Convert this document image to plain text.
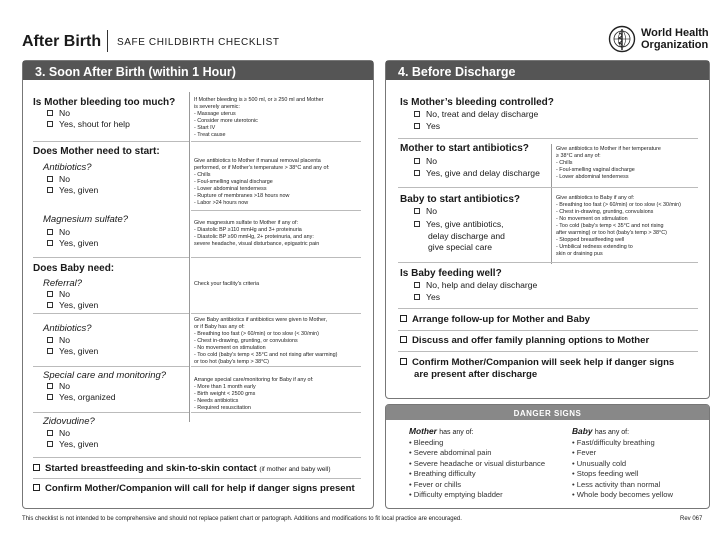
After Birth SAFE CHILDBIRTH CHECKLIST
World Health
Organization
3. Soon After Birth (within 1 Hour)
Is Mother bleeding too much?
No
Yes, shout for help
If Mother bleeding is ≥ 500 ml, or ≥ 250 ml and Mother
is severely anemic:
- Massage uterus
- Consider more uterotonic
- Start IV
- Treat cause
Does Mother need to start:
Antibiotics?
No
Yes, given
Give antibiotics to Mother if manual removal placenta
performed, or if Mother's temperature > 38°C and any of:
- Chills
- Foul-smelling vaginal discharge
- Lower abdominal tenderness
- Rupture of membranes >18 hours now
- Labor >24 hours now
Magnesium sulfate?
No
Yes, given
Give magnesium sulfate to Mother if any of:
- Diastolic BP ≥110 mmHg and 3+ proteinuria
- Diastolic BP ≥90 mmHg, 2+ proteinuria, and any:
severe headache, visual disturbance, epigastric pain
Does Baby need:
Referral?
No
Yes, given
Check your facility's criteria
Antibiotics?
No
Yes, given
Give Baby antibiotics if antibiotics were given to Mother,
or if Baby has any of:
- Breathing too fast (> 60/min) or too slow (< 30/min)
- Chest in-drawing, grunting, or convulsions
- No movement on stimulation
- Too cold (baby's temp < 35°C and not rising after warming)
or too hot (baby's temp > 38°C)
Special care and monitoring?
No
Yes, organized
Arrange special care/monitoring for Baby if any of:
- More than 1 month early
- Birth weight < 2500 gms
- Needs antibiotics
- Required resuscitation
Zidovudine?
No
Yes, given
Started breastfeeding and skin-to-skin contact (if mother and baby well)
Confirm Mother/Companion will call for help if danger signs present
4. Before Discharge
Is Mother’s bleeding controlled?
No, treat and delay discharge
Yes
Mother to start antibiotics?
No
Yes, give and delay discharge
Give antibiotics to Mother if her temperature
≥ 38°C and any of:
- Chills
- Foul-smelling vaginal discharge
- Lower abdominal tenderness
Baby to start antibiotics?
No
Yes, give antibiotics,
delay discharge and
give special care
Give antibiotics to Baby if any of:
- Breathing too fast (> 60/min) or too slow (< 30/min)
- Chest in-drawing, grunting, convulsions
- No movement on stimulation
- Too cold (baby's temp < 35°C and not rising
after warming) or too hot (baby's temp > 38°C)
- Stopped breastfeeding well
- Umbilical redness extending to
skin or draining pus
Is Baby feeding well?
No, help and delay discharge
Yes
Arrange follow-up for Mother and Baby
Discuss and offer family planning options to Mother
Confirm Mother/Companion will seek help if danger signs
are present after discharge
DANGER SIGNS
Mother has any of:	Baby has any of:
• Bleeding
• Severe abdominal pain
• Severe headache or visual disturbance
• Breathing difficulty
• Fever or chills
• Difficulty emptying bladder
• Fast/difficulty breathing
• Fever
• Unusually cold
• Stops feeding well
• Less activity than normal
• Whole body becomes yellow
This checklist is not intended to be comprehensive and should not replace patient chart or partograph. Additions and modifications to fit local practice are encouraged.	Rev 067
